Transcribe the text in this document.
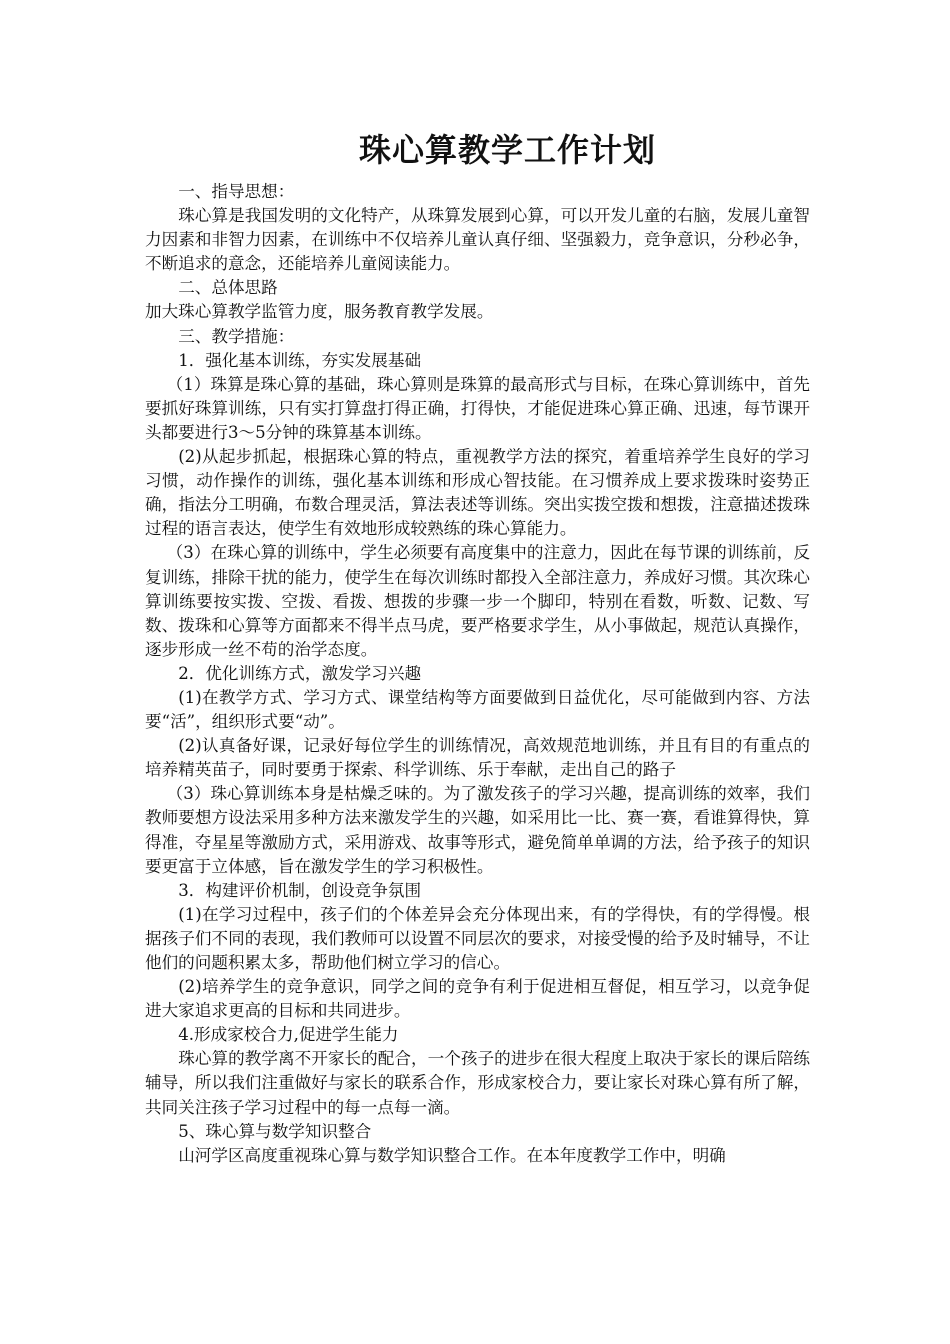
珠心算教学工作计划

一、指导思想：

珠心算是我国发明的文化特产，从珠算发展到心算，可以开发儿童的右脑，发展儿童智力因素和非智力因素，在训练中不仅培养儿童认真仔细、坚强毅力，竞争意识，分秒必争，不断追求的意念，还能培养儿童阅读能力。

二、总体思路

加大珠心算教学监管力度，服务教育教学发展。

三、教学措施：

1．强化基本训练，夯实发展基础

（1）珠算是珠心算的基础，珠心算则是珠算的最高形式与目标，在珠心算训练中，首先要抓好珠算训练，只有实打算盘打得正确，打得快，才能促进珠心算正确、迅速，每节课开头都要进行3～5分钟的珠算基本训练。

(2)从起步抓起，根据珠心算的特点，重视教学方法的探究，着重培养学生良好的学习习惯，动作操作的训练，强化基本训练和形成心智技能。在习惯养成上要求拨珠时姿势正确，指法分工明确，布数合理灵活，算法表述等训练。突出实拨空拨和想拨，注意描述拨珠过程的语言表达，使学生有效地形成较熟练的珠心算能力。

（3）在珠心算的训练中，学生必须要有高度集中的注意力，因此在每节课的训练前，反复训练，排除干扰的能力，使学生在每次训练时都投入全部注意力，养成好习惯。其次珠心算训练要按实拨、空拨、看拨、想拨的步骤一步一个脚印，特别在看数，听数、记数、写数、拨珠和心算等方面都来不得半点马虎，要严格要求学生，从小事做起，规范认真操作，逐步形成一丝不苟的治学态度。

2．优化训练方式，激发学习兴趣

(1)在教学方式、学习方式、课堂结构等方面要做到日益优化，尽可能做到内容、方法要“活”，组织形式要“动”。

(2)认真备好课，记录好每位学生的训练情况，高效规范地训练，并且有目的有重点的培养精英苗子，同时要勇于探索、科学训练、乐于奉献，走出自己的路子

（3）珠心算训练本身是枯燥乏味的。为了激发孩子的学习兴趣，提高训练的效率，我们教师要想方设法采用多种方法来激发学生的兴趣，如采用比一比、赛一赛，看谁算得快，算得准，夺星星等激励方式，采用游戏、故事等形式，避免简单单调的方法，给予孩子的知识要更富于立体感，旨在激发学生的学习积极性。

3．构建评价机制，创设竞争氛围

(1)在学习过程中，孩子们的个体差异会充分体现出来，有的学得快，有的学得慢。根据孩子们不同的表现，我们教师可以设置不同层次的要求，对接受慢的给予及时辅导，不让他们的问题积累太多，帮助他们树立学习的信心。

(2)培养学生的竞争意识，同学之间的竞争有利于促进相互督促，相互学习，以竞争促进大家追求更高的目标和共同进步。

4.形成家校合力,促进学生能力

珠心算的教学离不开家长的配合，一个孩子的进步在很大程度上取决于家长的课后陪练辅导，所以我们注重做好与家长的联系合作，形成家校合力，要让家长对珠心算有所了解，共同关注孩子学习过程中的每一点每一滴。

5、珠心算与数学知识整合

山河学区高度重视珠心算与数学知识整合工作。在本年度教学工作中，明确
